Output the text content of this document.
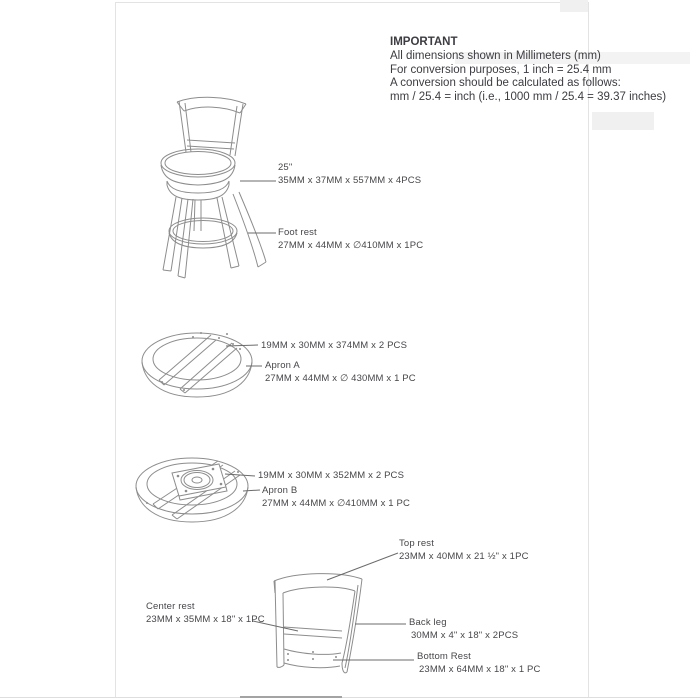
IMPORTANT
All dimensions shown in Millimeters (mm)
For conversion purposes, 1 inch = 25.4 mm
A conversion should be calculated as follows:
mm / 25.4 = inch (i.e., 1000 mm / 25.4 = 39.37 inches)
25"
35MM x 37MM x 557MM x 4PCS
Foot rest
27MM x 44MM x ∅410MM x 1PC
19MM x 30MM x 374MM x 2 PCS
Apron A
27MM x 44MM x ∅ 430MM x 1 PC
19MM x 30MM x 352MM x 2 PCS
Apron B
27MM x 44MM x ∅410MM x 1 PC
Top rest
23MM x 40MM x 21 ½" x 1PC
Center rest
23MM x 35MM x 18" x 1PC	Back leg
30MM x 4" x 18" x 2PCS
Bottom Rest
23MM x 64MM x 18" x 1 PC
